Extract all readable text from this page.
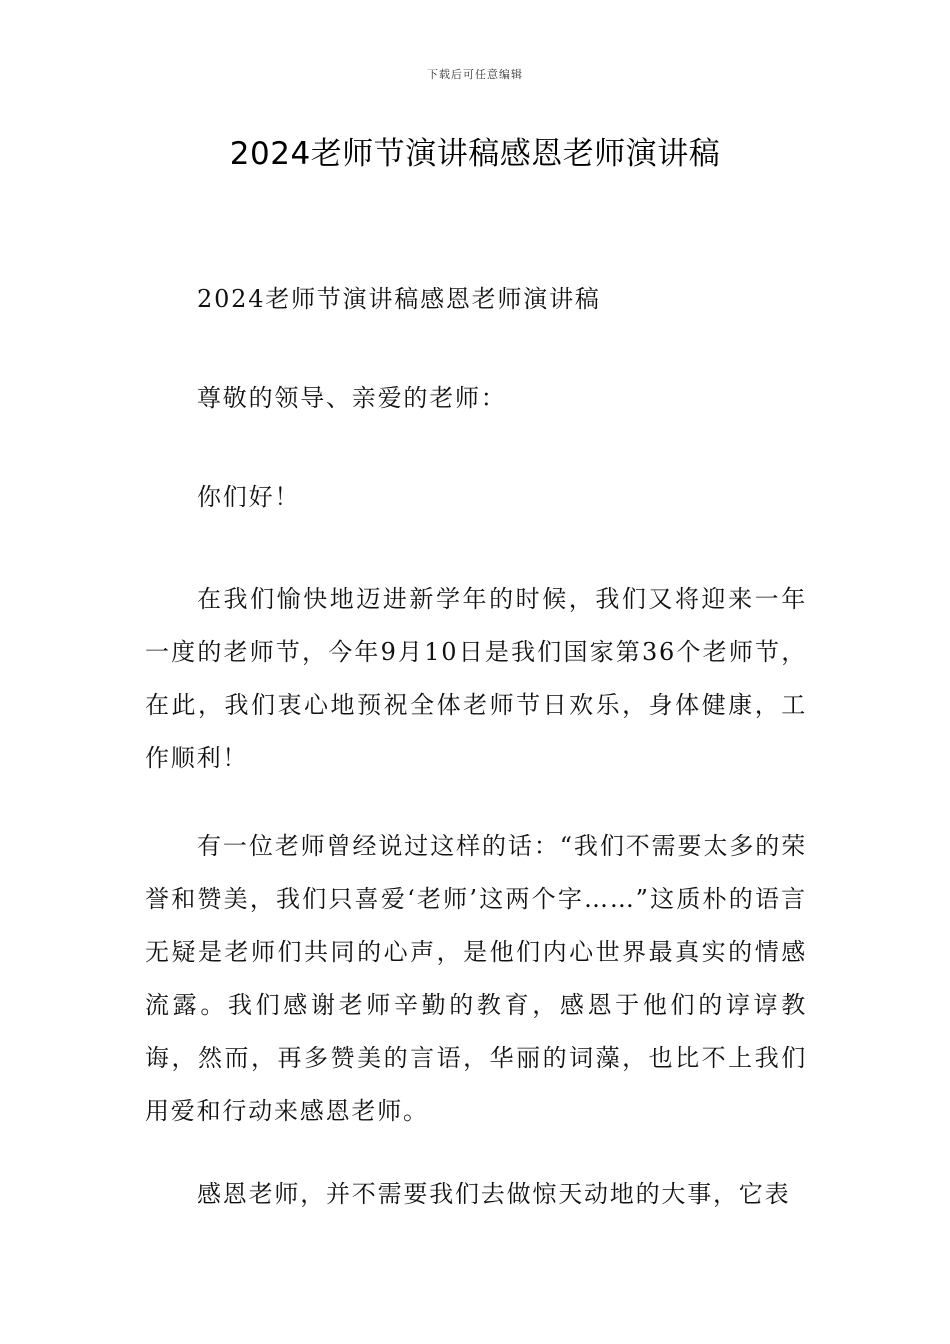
下载后可任意编辑
2024老师节演讲稿感恩老师演讲稿

2024老师节演讲稿感恩老师演讲稿

尊敬的领导、亲爱的老师：

你们好！

在我们愉快地迈进新学年的时候，我们又将迎来一年一度的老师节，今年9月10日是我们国家第36个老师节，在此，我们衷心地预祝全体老师节日欢乐，身体健康，工作顺利！

有一位老师曾经说过这样的话：“我们不需要太多的荣誉和赞美，我们只喜爱‘老师’这两个字……”这质朴的语言无疑是老师们共同的心声，是他们内心世界最真实的情感流露。我们感谢老师辛勤的教育，感恩于他们的谆谆教诲，然而，再多赞美的言语，华丽的词藻，也比不上我们用爱和行动来感恩老师。

感恩老师，并不需要我们去做惊天动地的大事，它表
